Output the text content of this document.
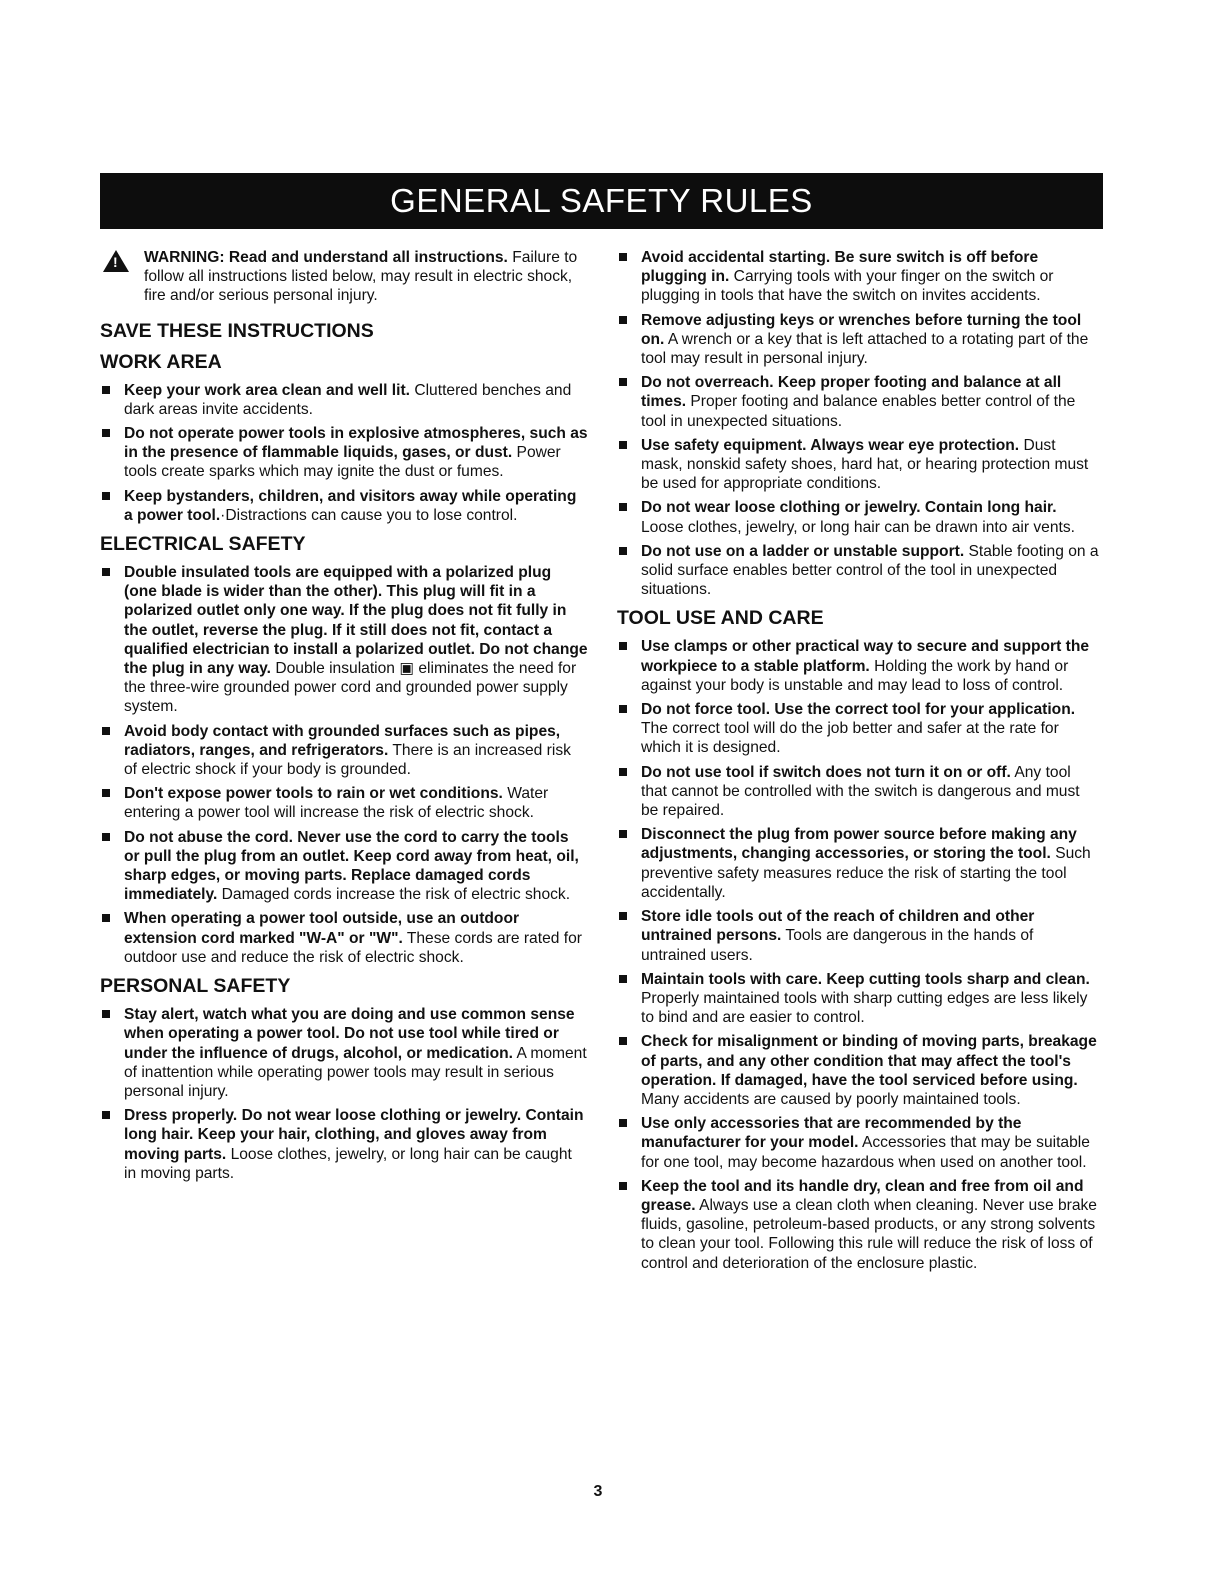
GENERAL SAFETY RULES
!
WARNING: Read and understand all instructions. Failure to follow all instructions listed below, may result in electric shock, fire and/or serious personal injury.
SAVE THESE INSTRUCTIONS
WORK AREA
Keep your work area clean and well lit. Cluttered benches and dark areas invite accidents.
Do not operate power tools in explosive atmospheres, such as in the presence of flammable liquids, gases, or dust. Power tools create sparks which may ignite the dust or fumes.
Keep bystanders, children, and visitors away while operating a power tool.·Distractions can cause you to lose control.
ELECTRICAL SAFETY
Double insulated tools are equipped with a polarized plug (one blade is wider than the other). This plug will fit in a polarized outlet only one way. If the plug does not fit fully in the outlet, reverse the plug. If it still does not fit, contact a qualified electrician to install a polarized outlet. Do not change the plug in any way. Double insulation ▣ eliminates the need for the three-wire grounded power cord and grounded power supply system.
Avoid body contact with grounded surfaces such as pipes, radiators, ranges, and refrigerators. There is an increased risk of electric shock if your body is grounded.
Don't expose power tools to rain or wet conditions. Water entering a power tool will increase the risk of electric shock.
Do not abuse the cord. Never use the cord to carry the tools or pull the plug from an outlet. Keep cord away from heat, oil, sharp edges, or moving parts. Replace damaged cords immediately. Damaged cords increase the risk of electric shock.
When operating a power tool outside, use an outdoor extension cord marked "W-A" or "W". These cords are rated for outdoor use and reduce the risk of electric shock.
PERSONAL SAFETY
Stay alert, watch what you are doing and use common sense when operating a power tool. Do not use tool while tired or under the influence of drugs, alcohol, or medication. A moment of inattention while operating power tools may result in serious personal injury.
Dress properly. Do not wear loose clothing or jewelry. Contain long hair. Keep your hair, clothing, and gloves away from moving parts. Loose clothes, jewelry, or long hair can be caught in moving parts.
Avoid accidental starting. Be sure switch is off before plugging in. Carrying tools with your finger on the switch or plugging in tools that have the switch on invites accidents.
Remove adjusting keys or wrenches before turning the tool on. A wrench or a key that is left attached to a rotating part of the tool may result in personal injury.
Do not overreach. Keep proper footing and balance at all times. Proper footing and balance enables better control of the tool in unexpected situations.
Use safety equipment. Always wear eye protection. Dust mask, nonskid safety shoes, hard hat, or hearing protection must be used for appropriate conditions.
Do not wear loose clothing or jewelry. Contain long hair. Loose clothes, jewelry, or long hair can be drawn into air vents.
Do not use on a ladder or unstable support. Stable footing on a solid surface enables better control of the tool in unexpected situations.
TOOL USE AND CARE
Use clamps or other practical way to secure and support the workpiece to a stable platform. Holding the work by hand or against your body is unstable and may lead to loss of control.
Do not force tool. Use the correct tool for your application. The correct tool will do the job better and safer at the rate for which it is designed.
Do not use tool if switch does not turn it on or off. Any tool that cannot be controlled with the switch is dangerous and must be repaired.
Disconnect the plug from power source before making any adjustments, changing accessories, or storing the tool. Such preventive safety measures reduce the risk of starting the tool accidentally.
Store idle tools out of the reach of children and other untrained persons. Tools are dangerous in the hands of untrained users.
Maintain tools with care. Keep cutting tools sharp and clean. Properly maintained tools with sharp cutting edges are less likely to bind and are easier to control.
Check for misalignment or binding of moving parts, breakage of parts, and any other condition that may affect the tool's operation. If damaged, have the tool serviced before using. Many accidents are caused by poorly maintained tools.
Use only accessories that are recommended by the manufacturer for your model. Accessories that may be suitable for one tool, may become hazardous when used on another tool.
Keep the tool and its handle dry, clean and free from oil and grease. Always use a clean cloth when cleaning. Never use brake fluids, gasoline, petroleum-based products, or any strong solvents to clean your tool. Following this rule will reduce the risk of loss of control and deterioration of the enclosure plastic.
3
